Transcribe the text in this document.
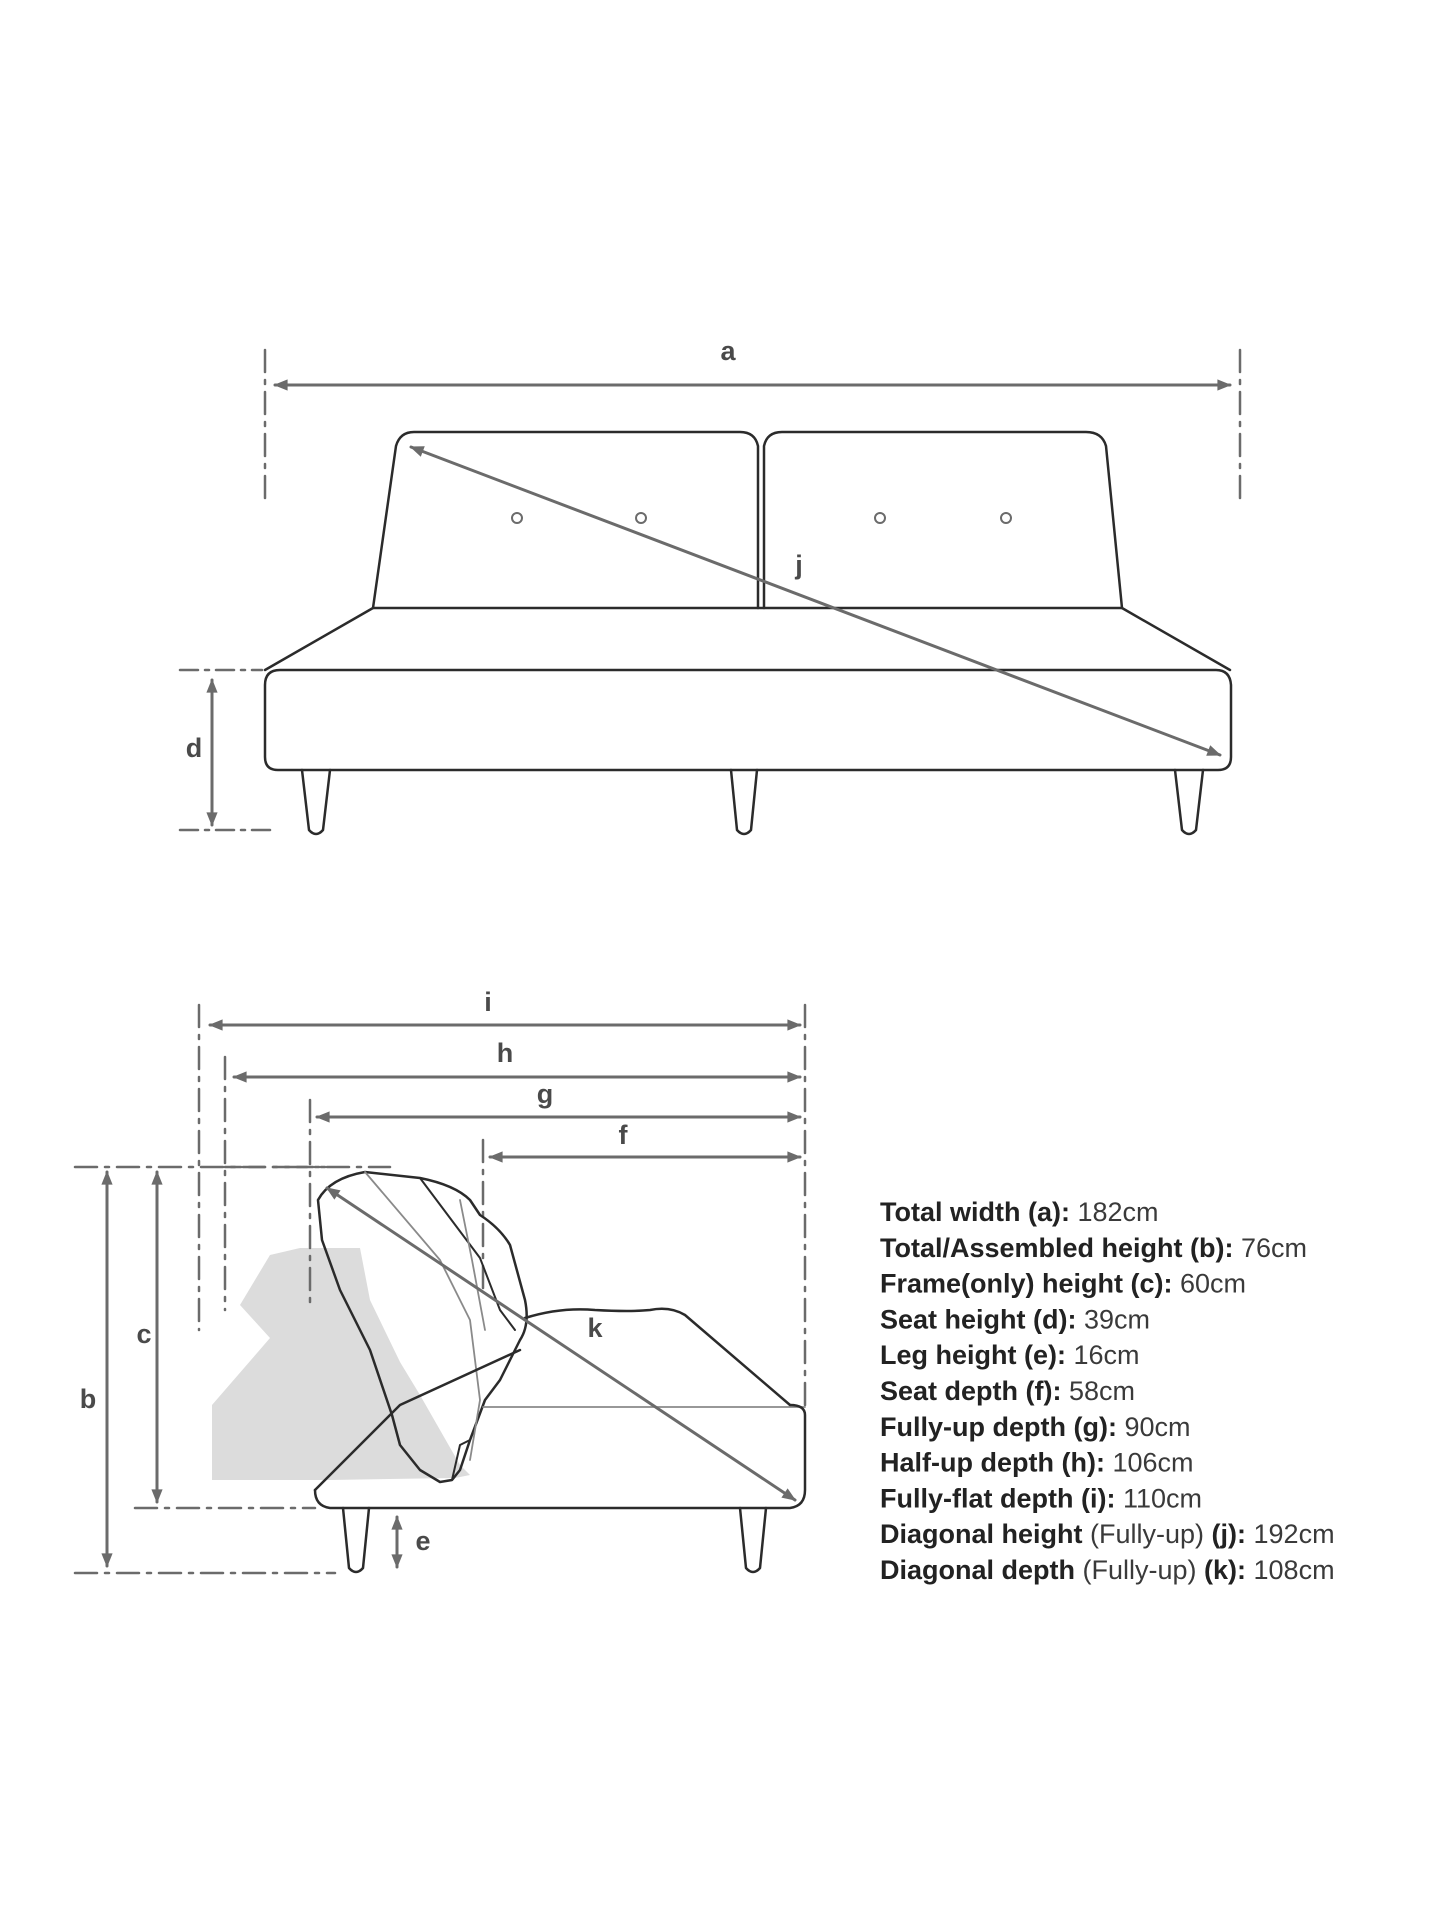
a
d
j
i
h
g
f
b
c
e
k
Total width (a): 182cm
Total/Assembled height (b): 76cm
Frame(only) height (c): 60cm
Seat height (d): 39cm
Leg height (e): 16cm
Seat depth (f): 58cm
Fully-up depth (g): 90cm
Half-up depth (h): 106cm
Fully-flat depth (i): 110cm
Diagonal height (Fully-up) (j): 192cm
Diagonal depth (Fully-up) (k): 108cm
